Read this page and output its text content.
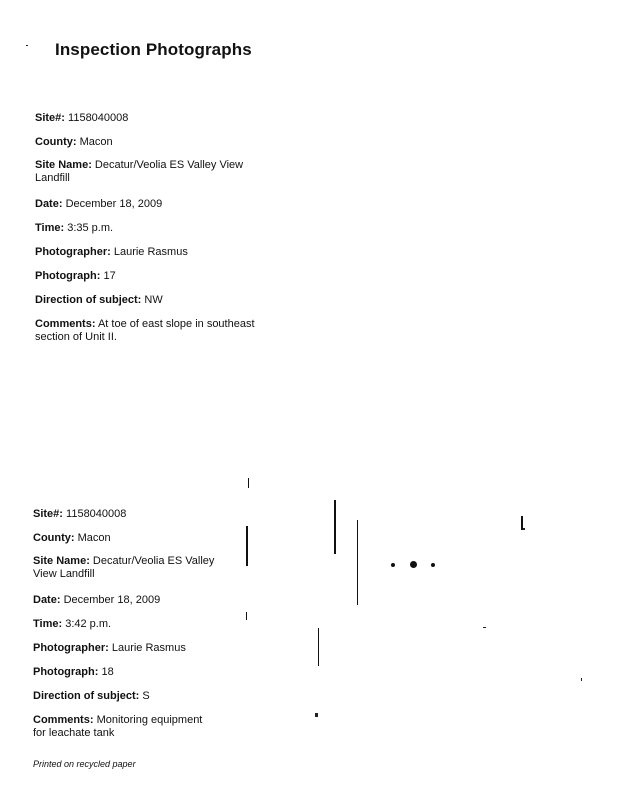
Inspection Photographs
Site#: 1158040008
County: Macon
Site Name: Decatur/Veolia ES Valley View
Landfill
Date: December 18, 2009
Time: 3:35 p.m.
Photographer: Laurie Rasmus
Photograph: 17
Direction of subject: NW
Comments: At toe of east slope in southeast
section of Unit II.
Site#: 1158040008
County: Macon
Site Name: Decatur/Veolia ES Valley
View Landfill
Date: December 18, 2009
Time: 3:42 p.m.
Photographer: Laurie Rasmus
Photograph: 18
Direction of subject: S
Comments: Monitoring equipment
for leachate tank
Printed on recycled paper
